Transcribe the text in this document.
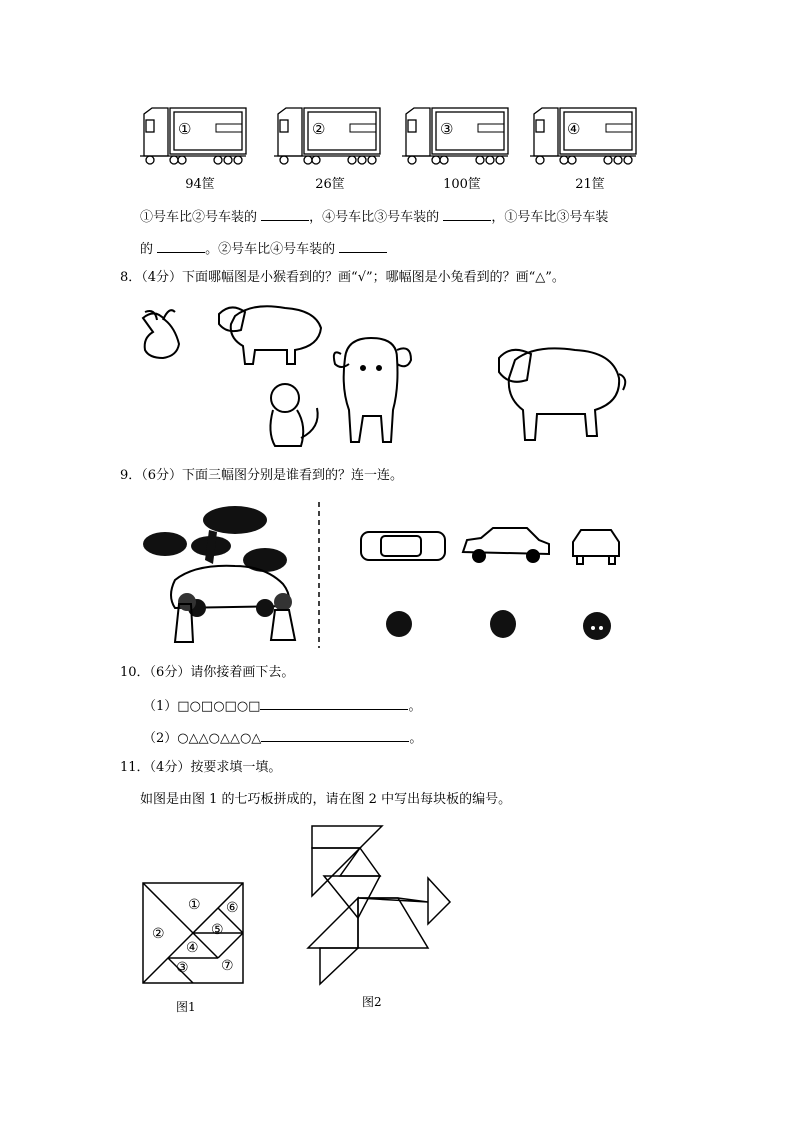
94筐	26筐	100筐	21筐
①	②	③	④
①号车比②号车装的	，④号车比③号车装的	，①号车比③号车装
的	。②号车比④号车装的
8．（4分）下面哪幅图是小猴看到的？画“√”；哪幅图是小兔看到的？画“△”。
9．（6分）下面三幅图分别是谁看到的？连一连。
10．（6分）请你接着画下去。
（1）□○□○□○□	。
（2）○△△○△△○△	。
11．（4分）按要求填一填。
如图是由图 1 的七巧板拼成的，请在图 2 中写出每块板的编号。
①
②
③
④
⑤
⑥
⑦
图1	图2
